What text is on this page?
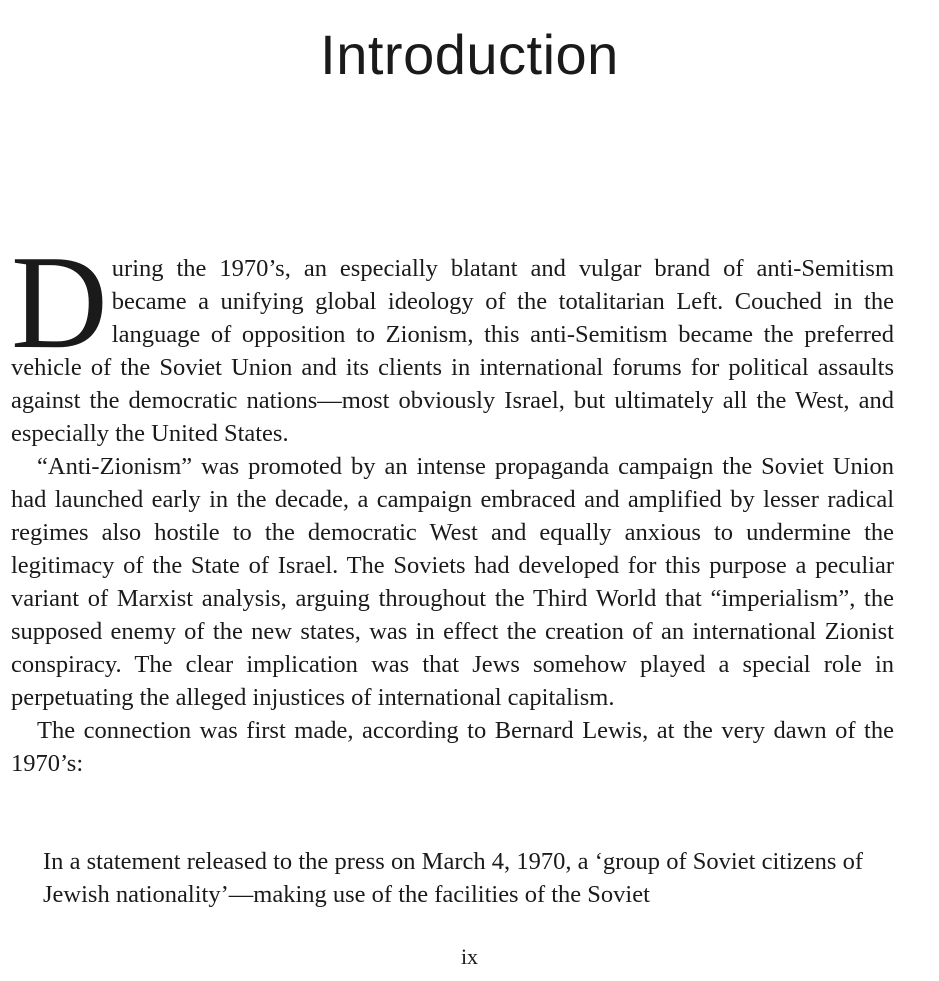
Introduction

During the 1970’s, an especially blatant and vulgar brand of anti-Semitism became a unifying global ideology of the totalitarian Left. Couched in the language of opposition to Zionism, this anti-Semitism became the preferred vehicle of the Soviet Union and its clients in international forums for political assaults against the democratic nations—most obviously Israel, but ultimately all the West, and especially the United States.

“Anti-Zionism” was promoted by an intense propaganda campaign the Soviet Union had launched early in the decade, a campaign embraced and amplified by lesser radical regimes also hostile to the democratic West and equally anxious to undermine the legitimacy of the State of Israel. The Soviets had developed for this purpose a peculiar variant of Marxist analysis, arguing throughout the Third World that “imperialism”, the supposed enemy of the new states, was in effect the creation of an international Zionist conspiracy. The clear implication was that Jews somehow played a special role in perpetuating the alleged injustices of international capitalism.

The connection was first made, according to Bernard Lewis, at the very dawn of the 1970’s:

In a statement released to the press on March 4, 1970, a ‘group of Soviet citizens of Jewish nationality’—making use of the facilities of the Soviet

ix
